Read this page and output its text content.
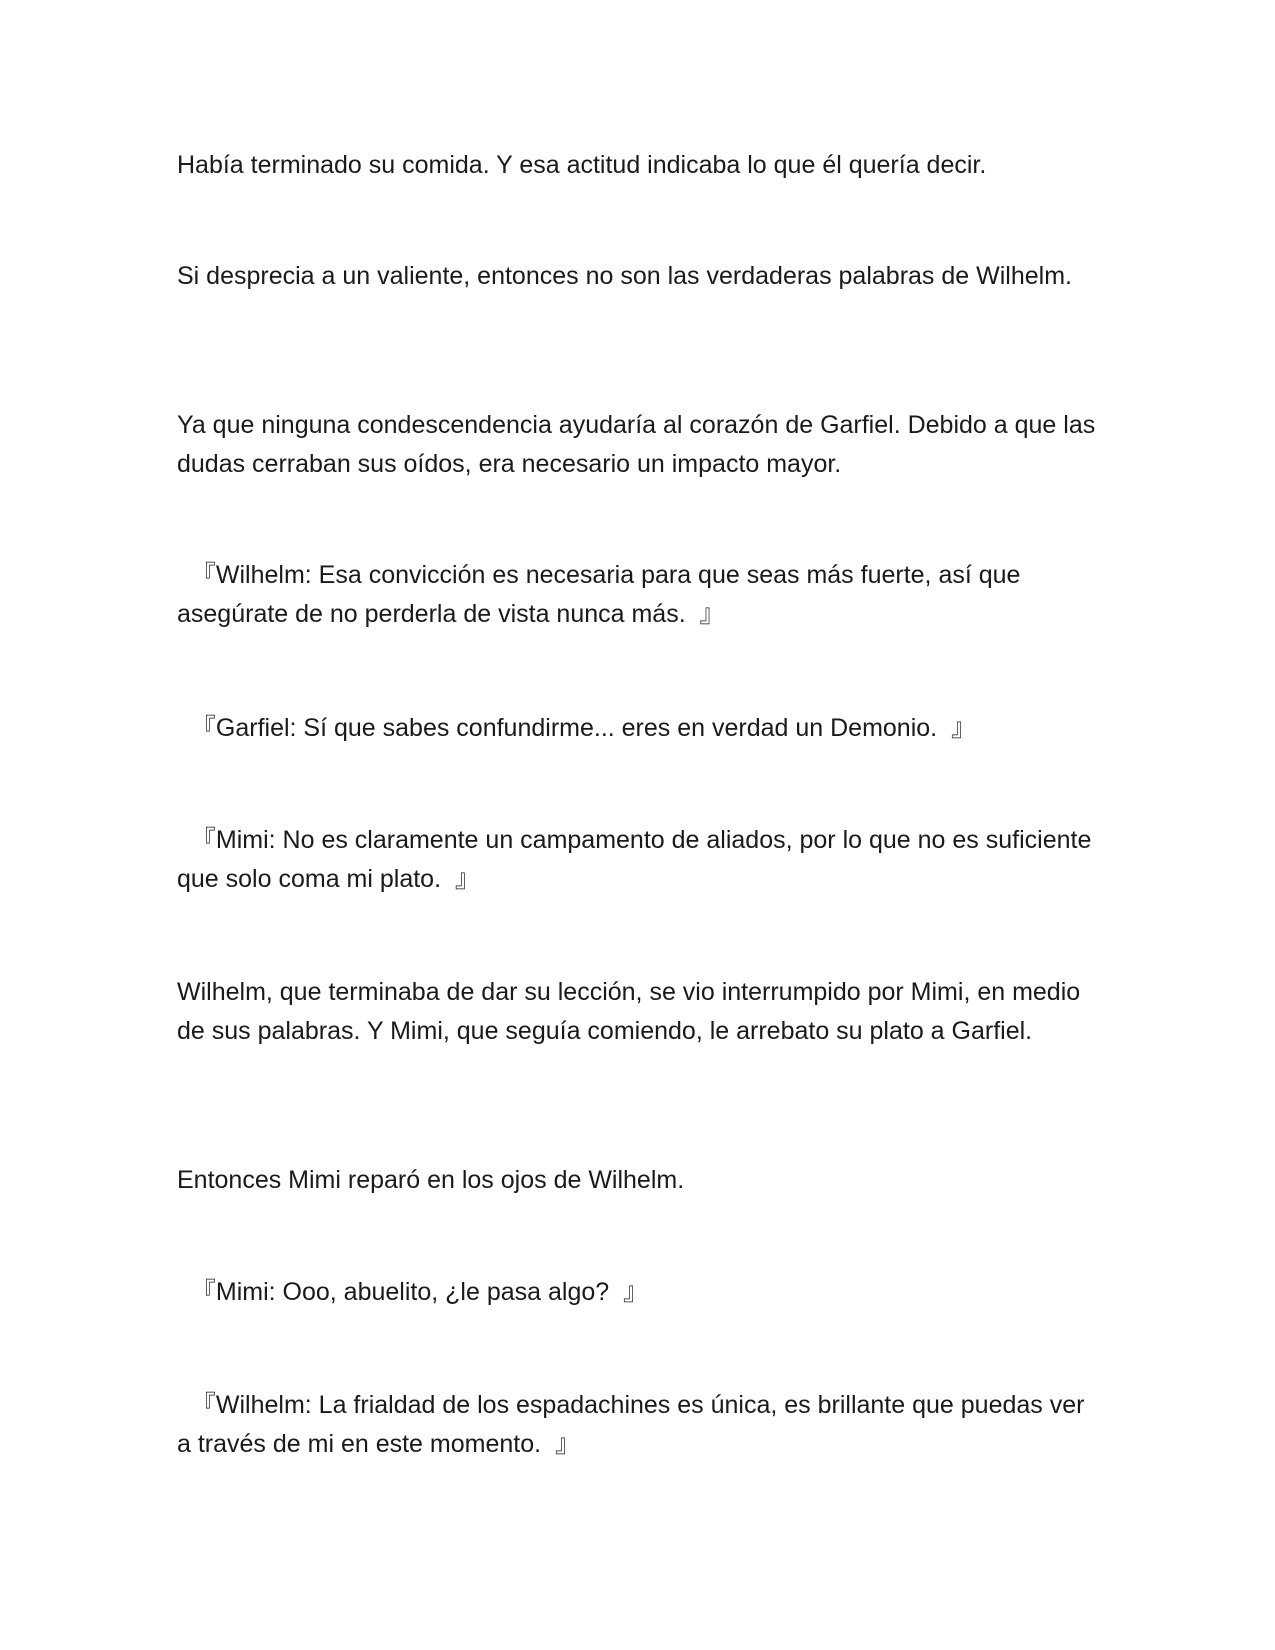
Había terminado su comida. Y esa actitud indicaba lo que él quería decir.

Si desprecia a un valiente, entonces no son las verdaderas palabras de Wilhelm.

Ya que ninguna condescendencia ayudaría al corazón de Garfiel. Debido a que las dudas cerraban sus oídos, era necesario un impacto mayor.

『Wilhelm: Esa convicción es necesaria para que seas más fuerte, así que asegúrate de no perderla de vista nunca más.  』

『Garfiel: Sí que sabes confundirme... eres en verdad un Demonio.  』

『Mimi: No es claramente un campamento de aliados, por lo que no es suficiente que solo coma mi plato.  』

Wilhelm, que terminaba de dar su lección, se vio interrumpido por Mimi, en medio de sus palabras. Y Mimi, que seguía comiendo, le arrebato su plato a Garfiel.

Entonces Mimi reparó en los ojos de Wilhelm.

『Mimi: Ooo, abuelito, ¿le pasa algo?  』

『Wilhelm: La frialdad de los espadachines es única, es brillante que puedas ver a través de mi en este momento.  』
